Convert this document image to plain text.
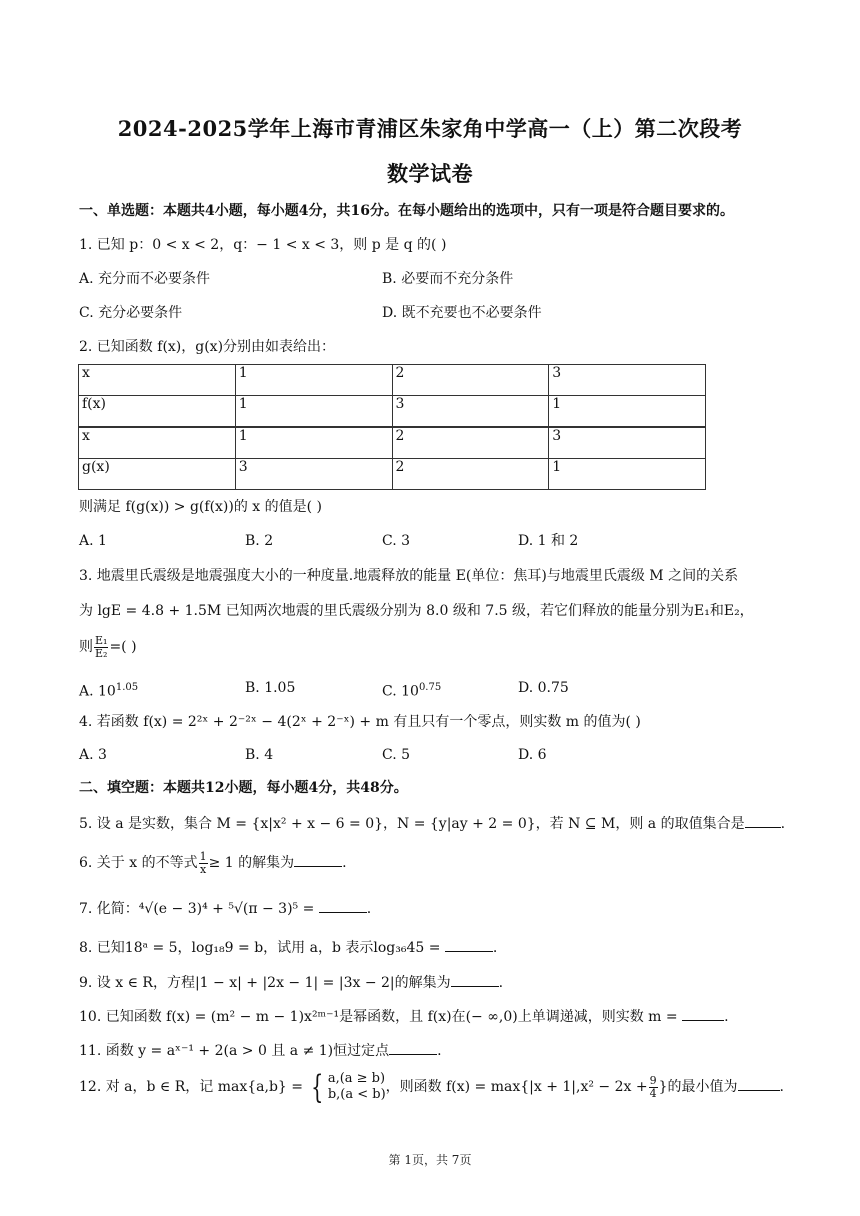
2024-2025学年上海市青浦区朱家角中学高一（上）第二次段考
数学试卷
一、单选题：本题共4小题，每小题4分，共16分。在每小题给出的选项中，只有一项是符合题目要求的。
1. 已知 p：0 < x < 2，q：− 1 < x < 3，则 p 是 q 的( )
A. 充分而不必要条件	B. 必要而不充分条件
C. 充分必要条件	D. 既不充要也不必要条件
2. 已知函数 f(x)，g(x)分别由如表给出：
x	1	2	3
f(x)	1	3	1
x	1	2	3
g(x)	3	2	1
则满足 f(g(x)) > g(f(x))的 x 的值是( )
A. 1	B. 2	C. 3	D. 1 和 2
3. 地震里氏震级是地震强度大小的一种度量.地震释放的能量 E(单位：焦耳)与地震里氏震级 M 之间的关系
为 lgE = 4.8 + 1.5M 已知两次地震的里氏震级分别为 8.0 级和 7.5 级，若它们释放的能量分别为E₁和E₂，
则 $\frac{\text{E₁}}{\text{E₂}}$ =( )
A. $10^{1.05}$	B. 1.05	C. $10^{0.75}$	D. 0.75
4. 若函数 f(x) = 2²ˣ + 2⁻²ˣ − 4(2ˣ + 2⁻ˣ) + m 有且只有一个零点，则实数 m 的值为( )
A. 3	B. 4	C. 5	D. 6
二、填空题：本题共12小题，每小题4分，共48分。
5. 设 a 是实数，集合 M = {x|x² + x − 6 = 0}，N = {y|ay + 2 = 0}，若 N ⊆ M，则 a 的取值集合是	.
6. 关于 x 的不等式 $\frac{1}{x} \ge 1$ 的解集为	.
7. 化简：⁴√(e − 3)⁴ + ⁵√(π − 3)⁵ =	.
8. 已知18ᵃ = 5，log₁₈9 = b，试用 a，b 表示log₃₆45 =	.
9. 设 x ∈ R，方程|1 − x| + |2x − 1| = |3x − 2|的解集为	.
10. 已知函数 f(x) = (m² − m − 1)x²ᵐ⁻¹是幂函数，且 f(x)在(− ∞,0)上单调递减，则实数 m =	.
11. 函数 y = aˣ⁻¹ + 2(a > 0 且 a ≠ 1)恒过定点	.
12. 对 a，b ∈ R，记 max{a,b} = { a,(a ≥ b)
b,(a < b) ，则函数 $f(x) = \max\{|x + 1|,x^2 - 2x + \frac{9}{4}$ }的最小值为	.
第 1页，共 7页
